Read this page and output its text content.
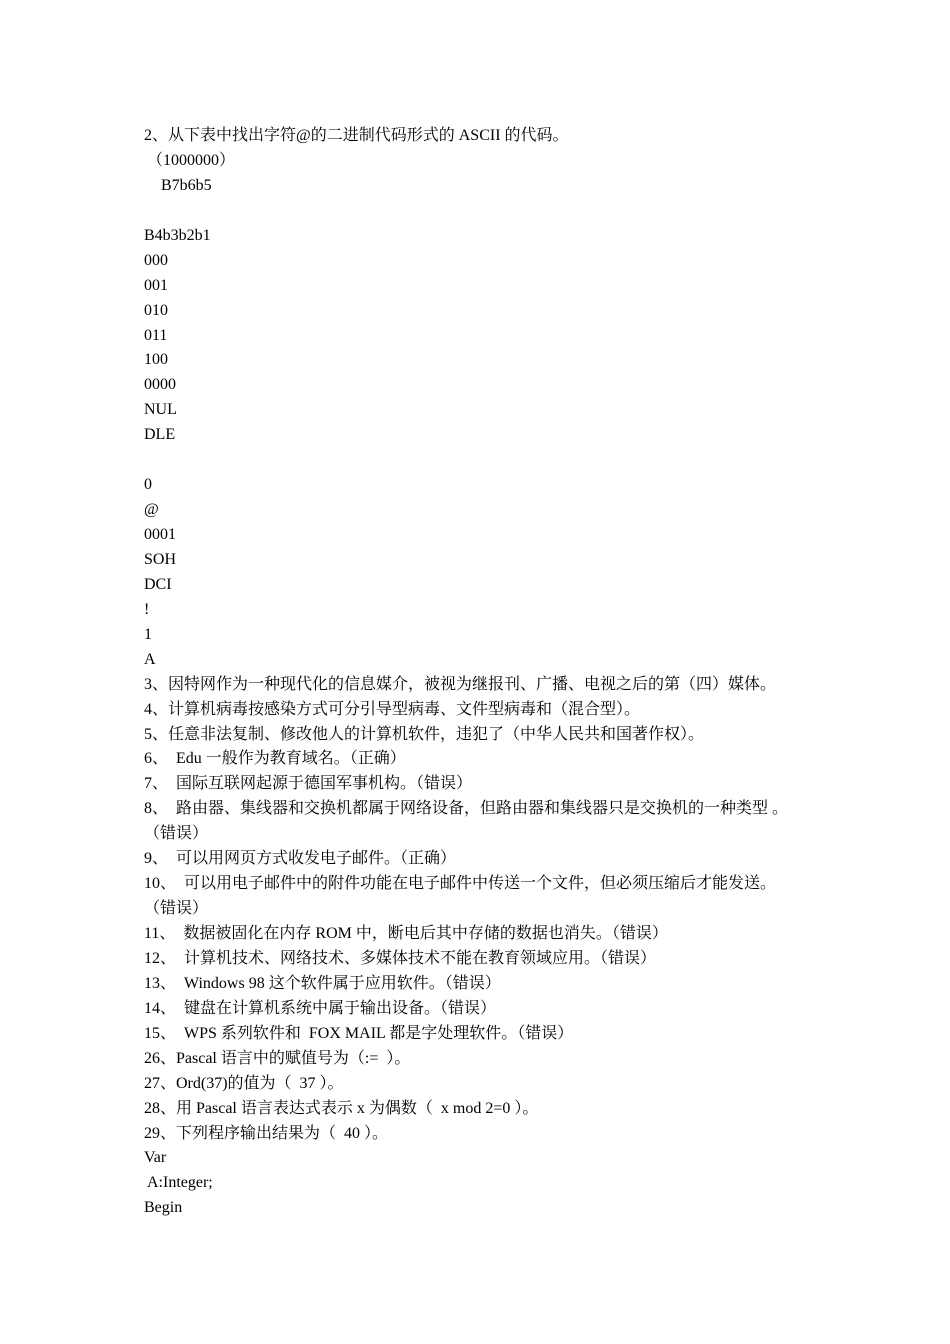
2、从下表中找出字符@的二进制代码形式的 ASCII 的代码。
（1000000）
B7b6b5
B4b3b2b1
000
001
010
011
100
0000
NUL
DLE
0
@
0001
SOH
DCI
!
1
A
3、因特网作为一种现代化的信息媒介，被视为继报刊、广播、电视之后的第（四）媒体。
4、计算机病毒按感染方式可分引导型病毒、文件型病毒和（混合型）。
5、任意非法复制、修改他人的计算机软件，违犯了（中华人民共和国著作权）。
6、  Edu 一般作为教育域名。（正确）
7、  国际互联网起源于德国军事机构。（错误）
8、  路由器、集线器和交换机都属于网络设备，但路由器和集线器只是交换机的一种类型 。
（错误）
9、  可以用网页方式收发电子邮件。（正确）
10、  可以用电子邮件中的附件功能在电子邮件中传送一个文件，但必须压缩后才能发送。
（错误）
11、  数据被固化在内存 ROM 中，断电后其中存储的数据也消失。（错误）
12、  计算机技术、网络技术、多媒体技术不能在教育领域应用。（错误）
13、  Windows 98 这个软件属于应用软件。（错误）
14、  键盘在计算机系统中属于输出设备。（错误）
15、  WPS 系列软件和  FOX MAIL 都是字处理软件。（错误）
26、Pascal 语言中的赋值号为（:=  ）。
27、Ord(37)的值为（  37 ）。
28、用 Pascal 语言表达式表示 x 为偶数（  x mod 2=0 ）。
29、下列程序输出结果为（  40 ）。
Var
A:Integer;
Begin
